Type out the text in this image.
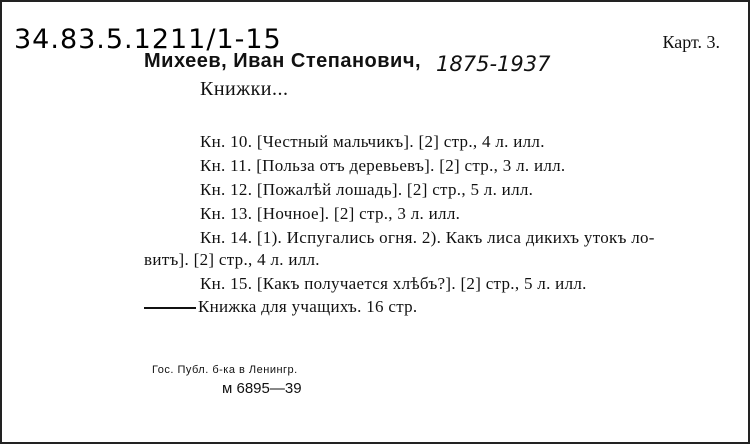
34.83.5.1211/1-15	Карт. 3.
Михеев, Иван Степанович, 1875-1937
Книжки...
Кн. 10. [Честный мальчикъ]. [2] стр., 4 л. илл.
Кн. 11. [Польза отъ деревьевъ]. [2] стр., 3 л. илл.
Кн. 12. [Пожалѣй лошадь]. [2] стр., 5 л. илл.
Кн. 13. [Ночное]. [2] стр., 3 л. илл.
Кн. 14. [1). Испугались огня. 2). Какъ лиса дикихъ утокъ ло-
витъ]. [2] стр., 4 л. илл.
Кн. 15. [Какъ получается хлѣбъ?]. [2] стр., 5 л. илл.
Книжка для учащихъ. 16 стр.
Гос. Публ. б-ка в Ленингр.
м 6895—39
